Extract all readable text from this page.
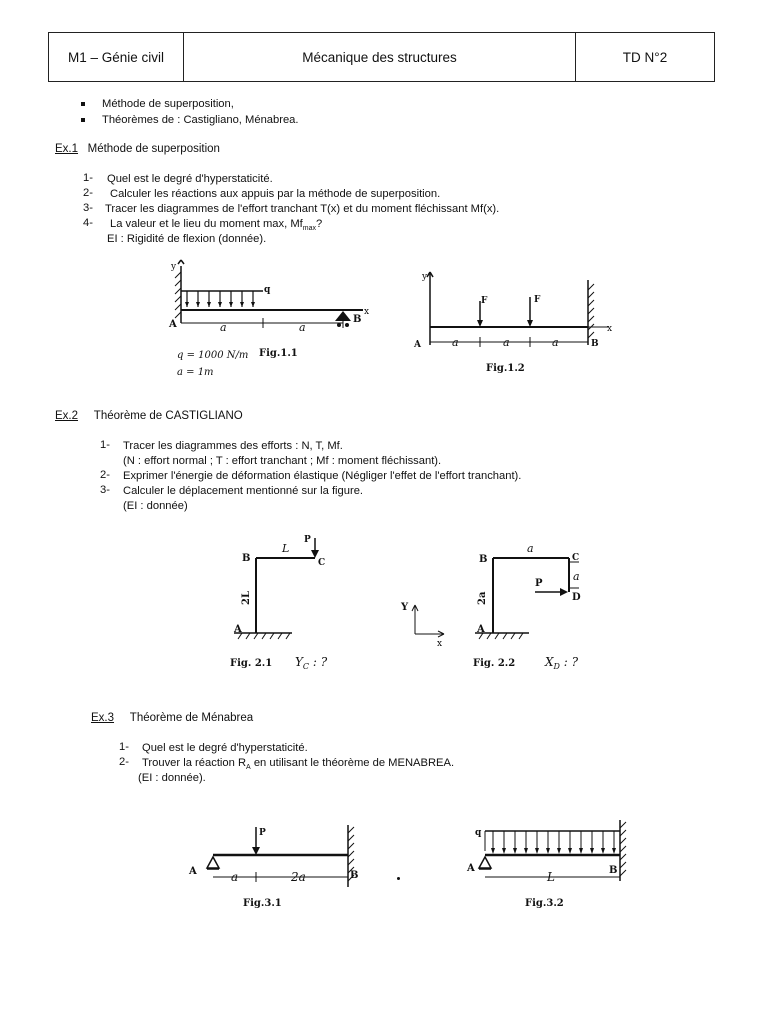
M1 – Génie civil	Mécanique des structures	TD N°2
Méthode de superposition,
Théorèmes de : Castigliano, Ménabrea.
Ex.1 Méthode de superposition
1- Quel est le degré d'hyperstaticité.
2- Calculer les réactions aux appuis par la méthode de superposition.
3- Tracer les diagrammes de l'effort tranchant T(x) et du moment fléchissant Mf(x).
4- La valeur et le lieu du moment max, $Mf_{max}$?
EI : Rigidité de flexion (donnée).
y
x
q
A	B
a	a
q = 1000 N/m
a = 1m
Fig.1.1
y
x
F	F
A	B
a	a	a
Fig.1.2
Ex.2 Théorème de CASTIGLIANO
1- Tracer les diagrammes des efforts : N, T, Mf.
(N : effort normal ; T : effort tranchant ; Mf : moment fléchissant).
2- Exprimer l'énergie de déformation élastique (Négliger l'effet de l'effort tranchant).
3- Calculer le déplacement mentionné sur la figure.
(EI : donnée)
P
L
B	C
A
2L
Fig. 2.1 $Y_C$ : ?
a
B	C
a
P
D
A
2a
Y
x
Fig. 2.2 $X_D$ : ?
Ex.3 Théorème de Ménabrea
1- Quel est le degré d'hyperstaticité.
2- Trouver la réaction $R_A$ en utilisant le théorème de MENABREA.
(EI : donnée).
P
A	B
a	2a
Fig.3.1
q
A	B
L
Fig.3.2
